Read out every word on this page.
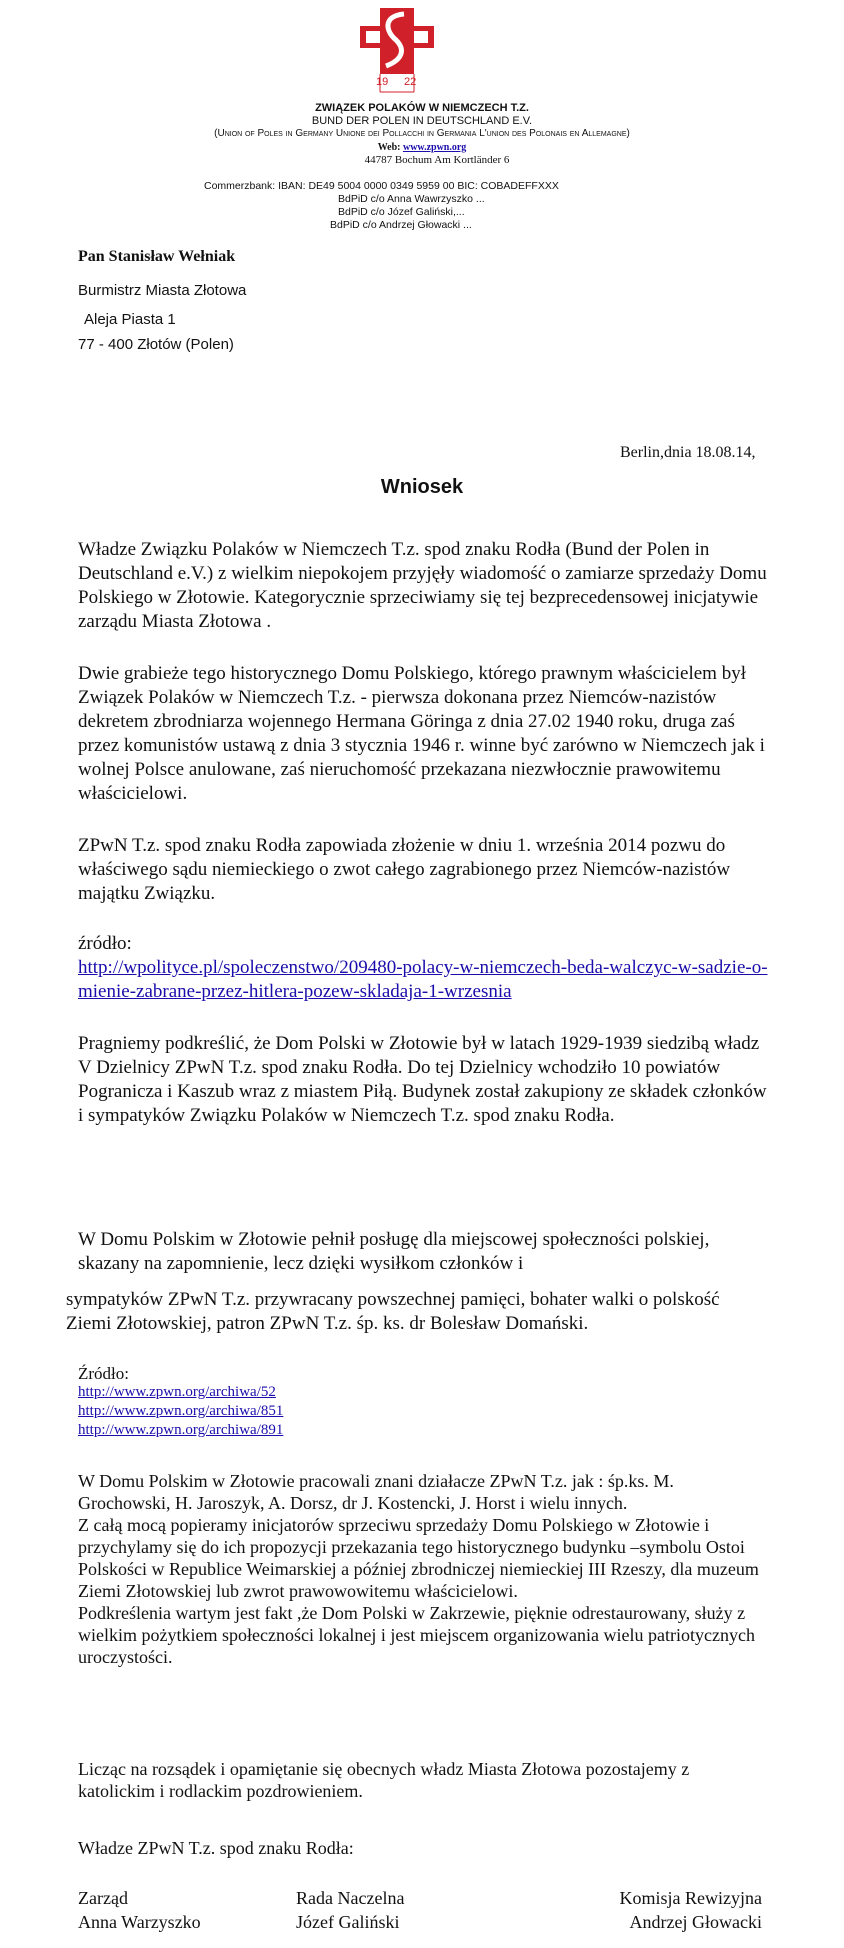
19 22
ZWIĄZEK POLAKÓW W NIEMCZECH T.Z.
BUND DER POLEN IN DEUTSCHLAND E.V.
(Union of Poles in Germany Unione dei Pollacchi in Germania L'union des Polonais en Allemagne)
Web: www.zpwn.org
44787 Bochum Am Kortländer 6
Commerzbank: IBAN: DE49 5004 0000 0349 5959 00 BIC: COBADEFFXXX
BdPiD c/o Anna Wawrzyszko ...
BdPiD c/o Józef Galiński,...
BdPiD c/o Andrzej Głowacki ...
Pan Stanisław Wełniak
Burmistrz Miasta Złotowa
Aleja Piasta 1
77 - 400 Złotów (Polen)
Berlin,dnia 18.08.14,
Wniosek

Władze Związku Polaków w Niemczech T.z. spod znaku Rodła (Bund der Polen in Deutschland e.V.) z wielkim niepokojem przyjęły wiadomość o zamiarze sprzedaży Domu Polskiego w Złotowie. Kategorycznie sprzeciwiamy się tej bezprecedensowej inicjatywie zarządu Miasta Złotowa .

Dwie grabieże tego historycznego Domu Polskiego, którego prawnym właścicielem był Związek Polaków w Niemczech T.z. - pierwsza dokonana przez Niemców-nazistów dekretem zbrodniarza wojennego Hermana Göringa z dnia 27.02 1940 roku, druga zaś przez komunistów ustawą z dnia 3 stycznia 1946 r. winne być zarówno w Niemczech jak i wolnej Polsce anulowane, zaś nieruchomość przekazana niezwłocznie prawowitemu właścicielowi.

ZPwN T.z. spod znaku Rodła zapowiada złożenie w dniu 1. września 2014 pozwu do właściwego sądu niemieckiego o zwot całego zagrabionego przez Niemców-nazistów majątku Związku.

źródło:

http://wpolityce.pl/spoleczenstwo/209480-polacy-w-niemczech-beda-walczyc-w-sadzie-o-mienie-zabrane-przez-hitlera-pozew-skladaja-1-wrzesnia

Pragniemy podkreślić, że Dom Polski w Złotowie był w latach 1929-1939 siedzibą władz V Dzielnicy ZPwN T.z. spod znaku Rodła. Do tej Dzielnicy wchodziło 10 powiatów Pogranicza i Kaszub wraz z miastem Piłą. Budynek został zakupiony ze składek członków i sympatyków Związku Polaków w Niemczech T.z. spod znaku Rodła.

W Domu Polskim w Złotowie pełnił posługę dla miejscowej społeczności polskiej, skazany na zapomnienie, lecz dzięki wysiłkom członków i

sympatyków ZPwN T.z. przywracany powszechnej pamięci, bohater walki o polskość Ziemi Złotowskiej, patron ZPwN T.z. śp. ks. dr Bolesław Domański.

Źródło:

http://www.zpwn.org/archiwa/52

http://www.zpwn.org/archiwa/851

http://www.zpwn.org/archiwa/891

W Domu Polskim w Złotowie pracowali znani działacze ZPwN T.z. jak : śp.ks. M. Grochowski, H. Jaroszyk, A. Dorsz, dr J. Kostencki, J. Horst i wielu innych.

Z całą mocą popieramy inicjatorów sprzeciwu sprzedaży Domu Polskiego w Złotowie i przychylamy się do ich propozycji przekazania tego historycznego budynku –symbolu Ostoi Polskości w Republice Weimarskiej a później zbrodniczej niemieckiej III Rzeszy, dla muzeum Ziemi Złotowskiej lub zwrot prawowowitemu właścicielowi.

Podkreślenia wartym jest fakt ,że Dom Polski w Zakrzewie, pięknie odrestaurowany, służy z wielkim pożytkiem społeczności lokalnej i jest miejscem organizowania wielu patriotycznych uroczystości.

Licząc na rozsądek i opamiętanie się obecnych władz Miasta Złotowa pozostajemy z katolickim i rodlackim pozdrowieniem.

Władze ZPwN T.z. spod znaku Rodła:
Zarząd
Anna Warzyszko
Rada Naczelna
Józef Galiński
Komisja Rewizyjna
Andrzej Głowacki
